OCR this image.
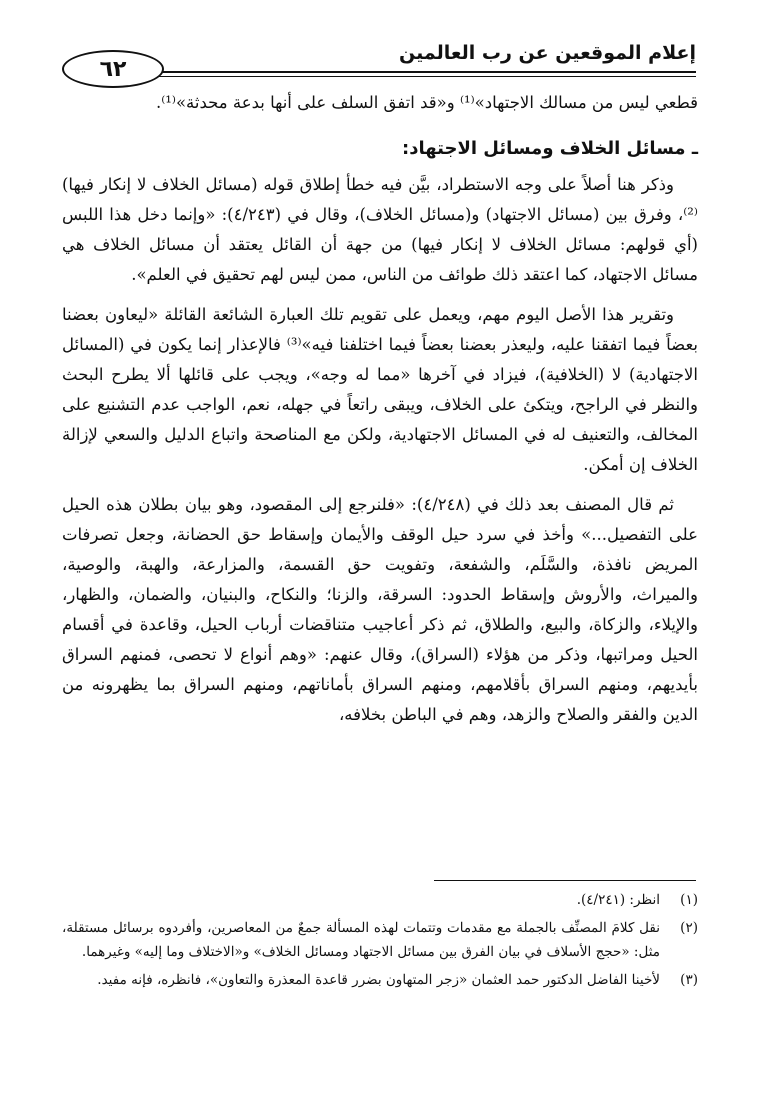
إعلام الموقعين عن رب العالمين
٦٢

قطعي ليس من مسالك الاجتهاد»⁽¹⁾ و«قد اتفق السلف على أنها بدعة محدثة»⁽¹⁾.

ـ مسائل الخلاف ومسائل الاجتهاد:

وذكر هنا أصلاً على وجه الاستطراد، بيَّن فيه خطأ إطلاق قوله (مسائل الخلاف لا إنكار فيها)⁽²⁾، وفرق بين (مسائل الاجتهاد) و(مسائل الخلاف)، وقال في (٤/٢٤٣): «وإنما دخل هذا اللبس (أي قولهم: مسائل الخلاف لا إنكار فيها) من جهة أن القائل يعتقد أن مسائل الخلاف هي مسائل الاجتهاد، كما اعتقد ذلك طوائف من الناس، ممن ليس لهم تحقيق في العلم».

وتقرير هذا الأصل اليوم مهم، ويعمل على تقويم تلك العبارة الشائعة القائلة «ليعاون بعضنا بعضاً فيما اتفقنا عليه، وليعذر بعضنا بعضاً فيما اختلفنا فيه»⁽³⁾ فالإعذار إنما يكون في (المسائل الاجتهادية) لا (الخلافية)، فيزاد في آخرها «مما له وجه»، ويجب على قائلها ألا يطرح البحث والنظر في الراجح، ويتكئ على الخلاف، ويبقى راتعاً في جهله، نعم، الواجب عدم التشنيع على المخالف، والتعنيف له في المسائل الاجتهادية، ولكن مع المناصحة واتباع الدليل والسعي لإزالة الخلاف إن أمكن.

ثم قال المصنف بعد ذلك في (٤/٢٤٨): «فلنرجع إلى المقصود، وهو بيان بطلان هذه الحيل على التفصيل...» وأخذ في سرد حيل الوقف والأيمان وإسقاط حق الحضانة، وجعل تصرفات المريض نافذة، والسَّلَم، والشفعة، وتفويت حق القسمة، والمزارعة، والهبة، والوصية، والميراث، والأروش وإسقاط الحدود: السرقة، والزنا؛ والنكاح، والبنيان، والضمان، والظهار، والإيلاء، والزكاة، والبيع، والطلاق، ثم ذكر أعاجيب متناقضات أرباب الحيل، وقاعدة في أقسام الحيل ومراتبها، وذكر من هؤلاء (السراق)، وقال عنهم: «وهم أنواع لا تحصى، فمنهم السراق بأيديهم، ومنهم السراق بأقلامهم، ومنهم السراق بأماناتهم، ومنهم السراق بما يظهرونه من الدين والفقر والصلاح والزهد، وهم في الباطن بخلافه،

(١)
انظر: (٤/٢٤١).
(٢)
نقل كلامَ المصنِّف بالجملة مع مقدمات وتتمات لهذه المسألة جمعٌ من المعاصرين، وأفردوه برسائل مستقلة، مثل: «حجج الأسلاف في بيان الفرق بين مسائل الاجتهاد ومسائل الخلاف» و«الاختلاف وما إليه» وغيرهما.
(٣)
لأخينا الفاضل الدكتور حمد العثمان «زجر المتهاون بضرر قاعدة المعذرة والتعاون»، فانظره، فإنه مفيد.
